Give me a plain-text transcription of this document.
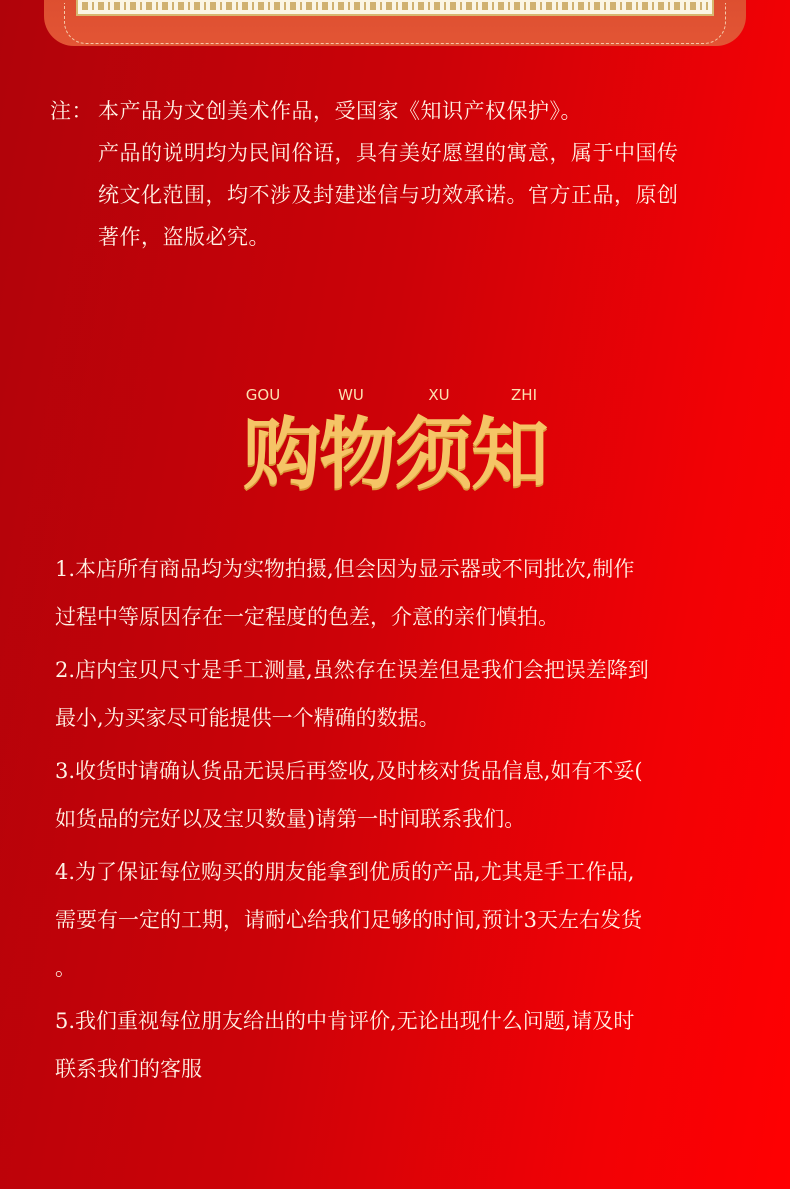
注： 本产品为文创美术作品，受国家《知识产权保护》。
产品的说明均为民间俗语，具有美好愿望的寓意，属于中国传
统文化范围，均不涉及封建迷信与功效承诺。官方正品，原创
著作，盗版必究。
GOU	WU	XU	ZHI
购物须知
1.本店所有商品均为实物拍摄,但会因为显示器或不同批次,制作
过程中等原因存在一定程度的色差，介意的亲们慎拍。
2.店内宝贝尺寸是手工测量,虽然存在误差但是我们会把误差降到
最小,为买家尽可能提供一个精确的数据。
3.收货时请确认货品无误后再签收,及时核对货品信息,如有不妥(
如货品的完好以及宝贝数量)请第一时间联系我们。
4.为了保证每位购买的朋友能拿到优质的产品,尤其是手工作品,
需要有一定的工期，请耐心给我们足够的时间,预计3天左右发货
。
5.我们重视每位朋友给出的中肯评价,无论出现什么问题,请及时
联系我们的客服
